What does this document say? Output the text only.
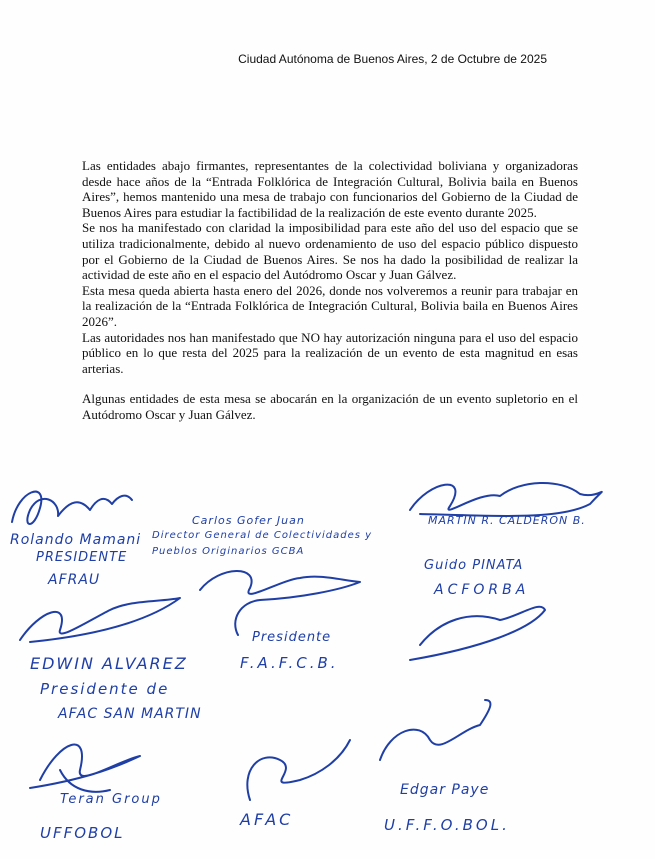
Ciudad Autónoma de Buenos Aires, 2 de Octubre de 2025

Las entidades abajo firmantes, representantes de la colectividad boliviana y organizadoras desde hace años de la “Entrada Folklórica de Integración Cultural, Bolivia baila en Buenos Aires”, hemos mantenido una mesa de trabajo con funcionarios del Gobierno de la Ciudad de Buenos Aires para estudiar la factibilidad de la realización de este evento durante 2025.

Se nos ha manifestado con claridad la imposibilidad para este año del uso del espacio que se utiliza tradicionalmente, debido al nuevo ordenamiento de uso del espacio público dispuesto por el Gobierno de la Ciudad de Buenos Aires. Se nos ha dado la posibilidad de realizar la actividad de este año en el espacio del Autódromo Oscar y Juan Gálvez.

Esta mesa queda abierta hasta enero del 2026, donde nos volveremos a reunir para trabajar en la realización de la “Entrada Folklórica de Integración Cultural, Bolivia baila en Buenos Aires 2026”.

Las autoridades nos han manifestado que NO hay autorización ninguna para el uso del espacio público en lo que resta del 2025 para la realización de un evento de esta magnitud en esas arterias.

Algunas entidades de esta mesa se abocarán en la organización de un evento supletorio en el Autódromo Oscar y Juan Gálvez.

Rolando Mamani
PRESIDENTE
AFRAU
Carlos Gofer Juan
Director General de Colectividades y
Pueblos Originarios GCBA
MARTIN R. CALDERON B.
Guido PINATA
ACFORBA
Presidente
F.A.F.C.B.
EDWIN ALVAREZ
Presidente de
AFAC SAN MARTIN
Teran Group
UFFOBOL
AFAC
Edgar Paye
U.F.F.O.BOL.
